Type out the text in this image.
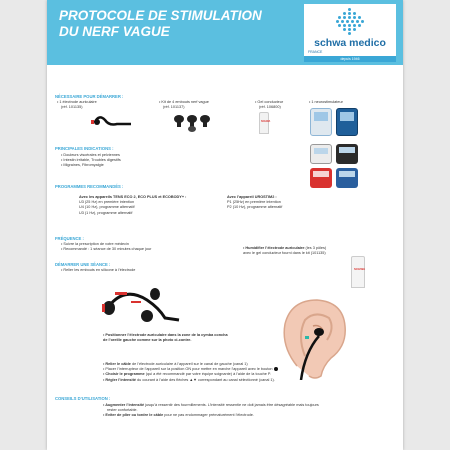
PROTOCOLE DE STIMULATION
DU NERF VAGUE
schwa medico
FRANCE
depuis 1946
NÉCESSAIRE POUR DÉMARRER :
• 1 électrode auriculaire
(réf. 101135)
• Kit de 4 embouts nerf vague
(réf. 101137)
• Gel conducteur
(réf. 106800)
SCHWA
• 1 neurostimulateur
PRINCIPALES INDICATIONS :
• Douleurs viscérales et pelviennes
• Intestin irritable, Troubles digestifs
• Migraines, Fibromyalgie
PROGRAMMES RECOMMANDÉS :
Avec les appareils TENS ECO 2, ECO PLUS et ECOBODY+ :
U3 (25 Hz) en première intention
U4 (10 Hz), programme alternatif
U3 (1 Hz), programme alternatif
Avec l’appareil UROSTIM2 :
P1 (25Hz) en première intention
P2 (10 Hz), programme alternatif
FRÉQUENCE :
• Suivre la prescription de votre médecin
• Recommandé : 1 séance de 30 minutes chaque jour
DÉMARRER UNE SÉANCE :
• Relier les embouts en silicone à l’électrode
• Humidifier l’électrode auriculaire (les 3 pôles)
avec le gel conducteur fourni dans le kit (101135)
SCHWA
• Positionner l’électrode auriculaire dans la zone de la cymba concha
de l’oreille gauche comme sur la photo ci-contre.
• Relier le câble de l’électrode auriculaire à l’appareil sur le canal de gauche (canal 1)
• Placer l’interrupteur de l’appareil sur la position ON pour mettre en marche l’appareil avec le bouton
• Choisir le programme (qui a été recommandé par votre équipe soignante) à l’aide de la touche P.
• Régler l’intensité du courant à l’aide des flèches ▲▼ correspondant au canal sélectionné (canal 1).
CONSEILS D’UTILISATION :
• Augmenter l’intensité jusqu’à ressentir des fourmillements. L’intensité ressentie ne doit jamais être désagréable mais toujours
rester confortable.
• Eviter de plier ou tordre le câble pour ne pas endommager prématurément l’électrode.
